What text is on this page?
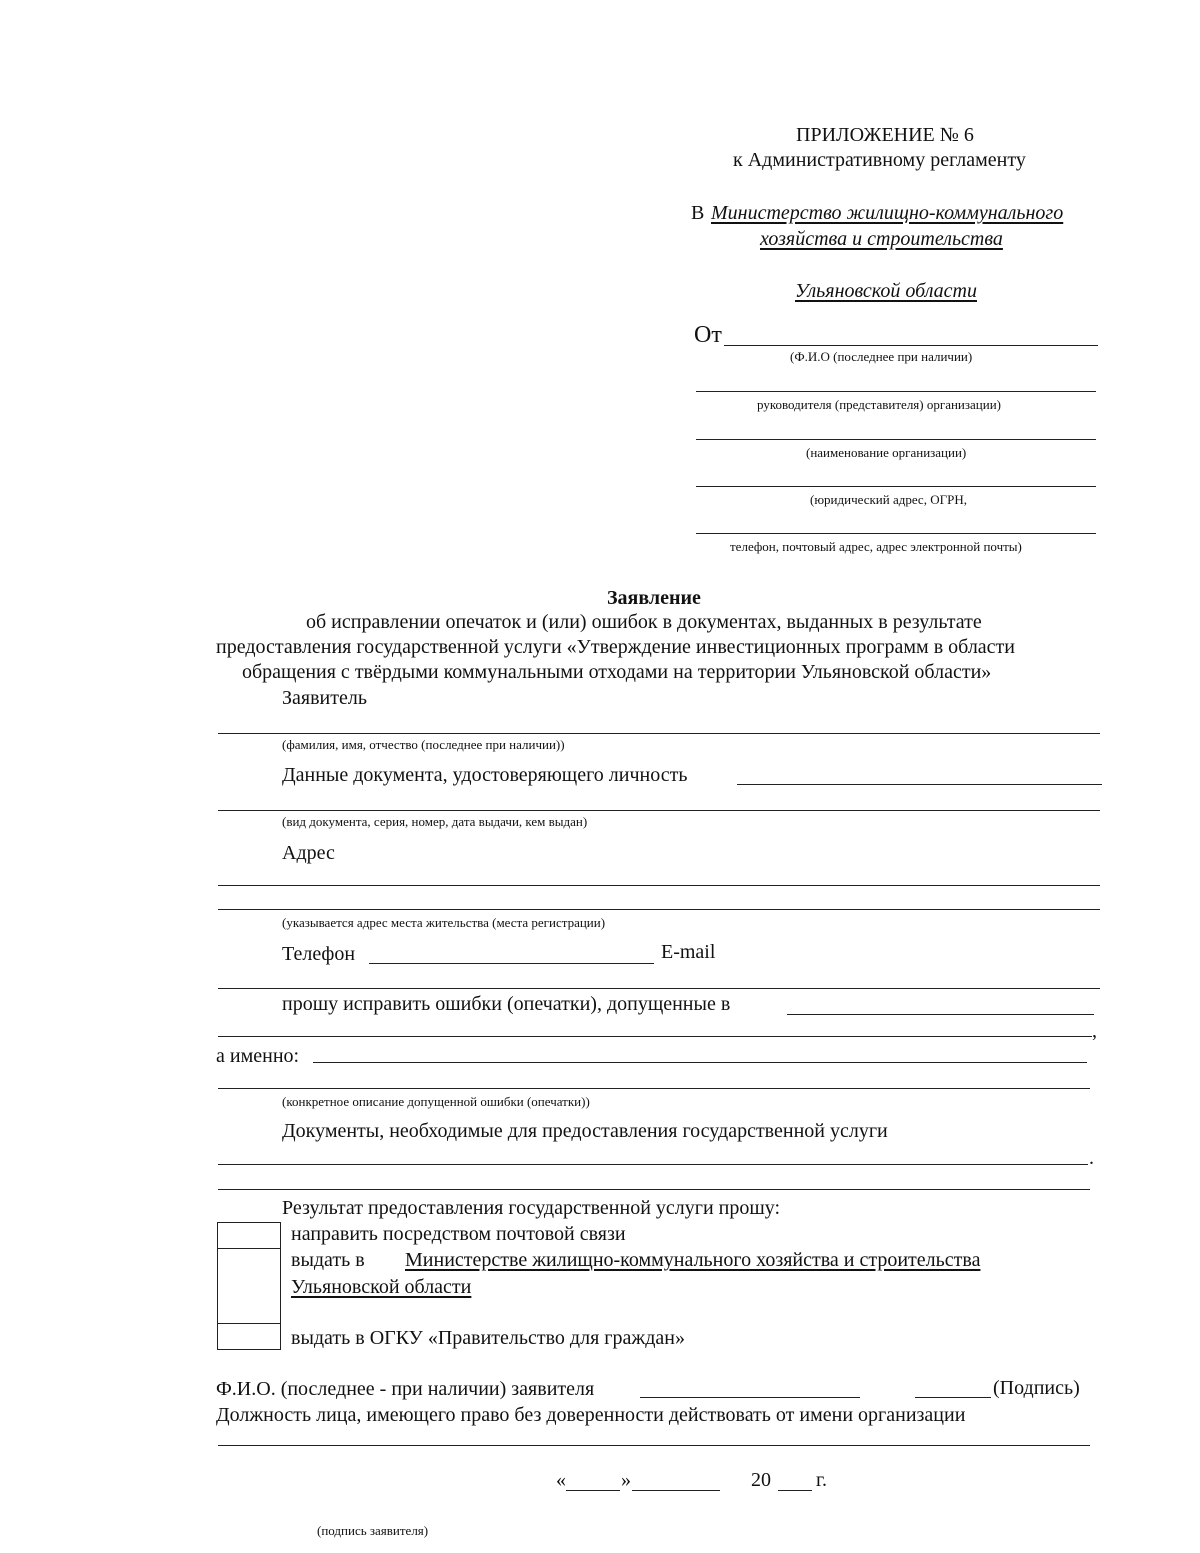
ПРИЛОЖЕНИЕ № 6
к Административному регламенту
В Министерство жилищно-коммунального
хозяйства и строительства
Ульяновской области
От
(Ф.И.О (последнее при наличии)
руководителя (представителя) организации)
(наименование организации)
(юридический адрес, ОГРН,
телефон, почтовый адрес, адрес электронной почты)
Заявление
об исправлении опечаток и (или) ошибок в документах, выданных в результате
предоставления государственной услуги «Утверждение инвестиционных программ в области
обращения с твёрдыми коммунальными отходами на территории Ульяновской области»
Заявитель
(фамилия, имя, отчество (последнее при наличии))
Данные документа, удостоверяющего личность
(вид документа, серия, номер, дата выдачи, кем выдан)
Адрес
(указывается адрес места жительства (места регистрации)
Телефон	E-mail
прошу исправить ошибки (опечатки), допущенные в
,
а именно:
(конкретное описание допущенной ошибки (опечатки))
Документы, необходимые для предоставления государственной услуги
.
Результат предоставления государственной услуги прошу:
направить посредством почтовой связи
выдать в Министерстве жилищно-коммунального хозяйства и строительства
Ульяновской области
выдать в ОГКУ «Правительство для граждан»
Ф.И.О. (последнее - при наличии) заявителя	(Подпись)
Должность лица, имеющего право без доверенности действовать от имени организации
«	»	20 г.
(подпись заявителя)
